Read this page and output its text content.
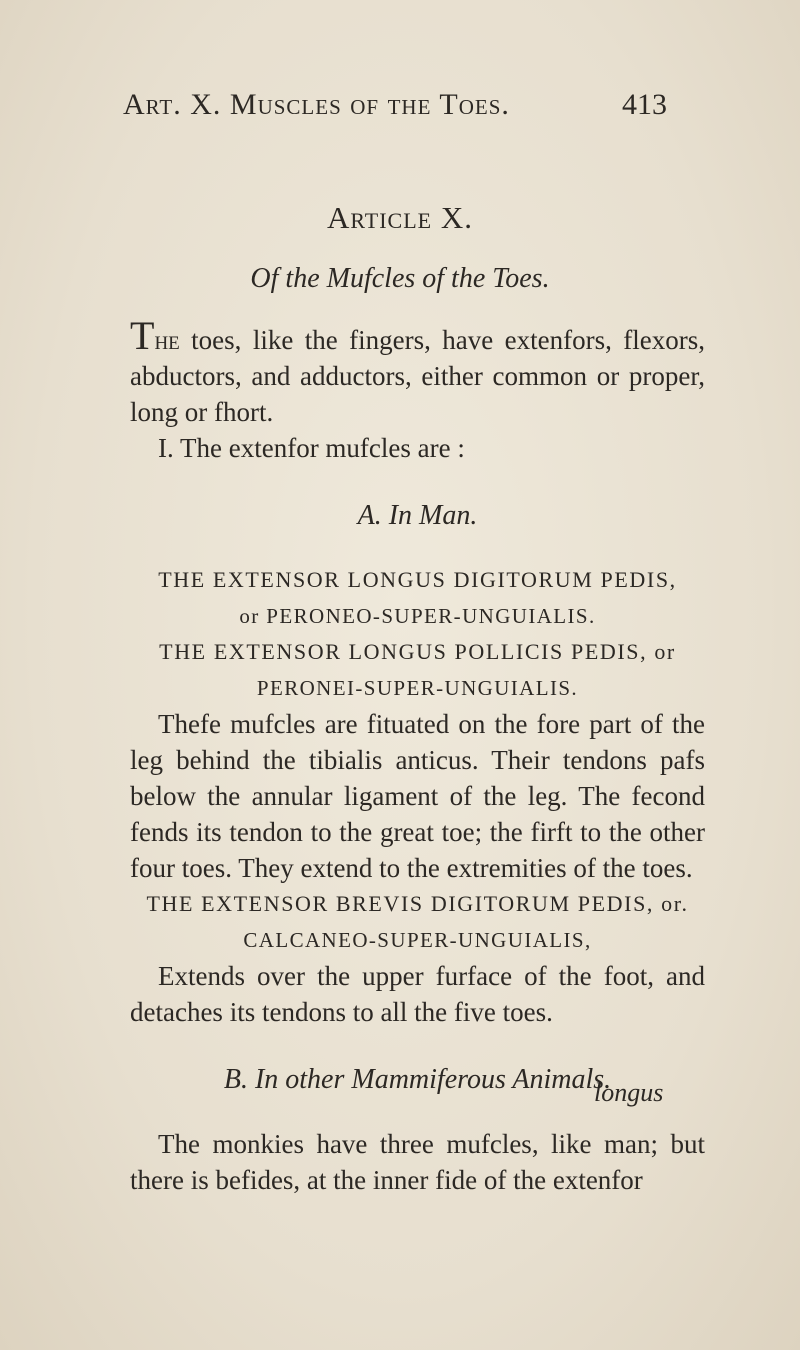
Art. X. Muscles of the Toes.	413
Article X.
Of the Mufcles of the Toes.

The toes, like the fingers, have extenfors, flexors, abductors, and adductors, either common or proper, long or fhort.

I. The extenfor mufcles are :

A. In Man.

THE EXTENSOR LONGUS DIGITORUM PEDIS,

or PERONEO-SUPER-UNGUIALIS.

THE EXTENSOR LONGUS POLLICIS PEDIS, or

PERONEI-SUPER-UNGUIALIS.

Thefe mufcles are fituated on the fore part of the leg behind the tibialis anticus. Their tendons pafs below the annular ligament of the leg. The fecond fends its tendon to the great toe; the firft to the other four toes. They extend to the extremities of the toes.

THE EXTENSOR BREVIS DIGITORUM PEDIS, or.

CALCANEO-SUPER-UNGUIALIS,

Extends over the upper furface of the foot, and detaches its tendons to all the five toes.

B. In other Mammiferous Animals.

The monkies have three mufcles, like man; but there is befides, at the inner fide of the extenfor

longus
